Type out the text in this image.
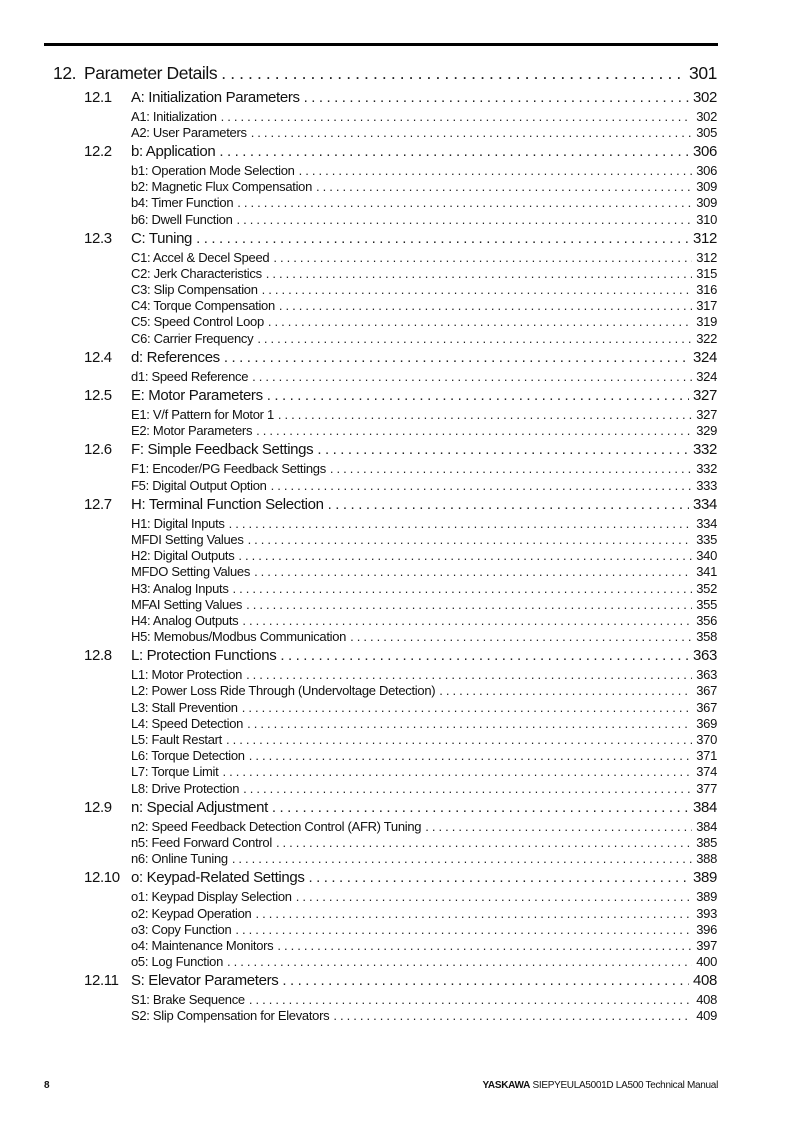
12. Parameter Details . . .	301
12.1	A: Initialization Parameters . . .	302
A1: Initialization . . .	302
A2: User Parameters . . .	305
12.2	b: Application . . .	306
b1: Operation Mode Selection . . .	306
b2: Magnetic Flux Compensation . . .	309
b4: Timer Function . . .	309
b6: Dwell Function . . .	310
12.3	C: Tuning . . .	312
C1: Accel & Decel Speed . . .	312
C2: Jerk Characteristics . . .	315
C3: Slip Compensation . . .	316
C4: Torque Compensation . . .	317
C5: Speed Control Loop . . .	319
C6: Carrier Frequency . . .	322
12.4	d: References . . .	324
d1: Speed Reference . . .	324
12.5	E: Motor Parameters . . .	327
E1: V/f Pattern for Motor 1 . . .	327
E2: Motor Parameters . . .	329
12.6	F: Simple Feedback Settings . . .	332
F1: Encoder/PG Feedback Settings . . .	332
F5: Digital Output Option . . .	333
12.7	H: Terminal Function Selection . . .	334
H1: Digital Inputs . . .	334
MFDI Setting Values . . .	335
H2: Digital Outputs . . .	340
MFDO Setting Values . . .	341
H3: Analog Inputs . . .	352
MFAI Setting Values . . .	355
H4: Analog Outputs . . .	356
H5: Memobus/Modbus Communication . . .	358
12.8	L: Protection Functions . . .	363
L1: Motor Protection . . .	363
L2: Power Loss Ride Through (Undervoltage Detection) . . .	367
L3: Stall Prevention . . .	367
L4: Speed Detection . . .	369
L5: Fault Restart . . .	370
L6: Torque Detection . . .	371
L7: Torque Limit . . .	374
L8: Drive Protection . . .	377
12.9	n: Special Adjustment . . .	384
n2: Speed Feedback Detection Control (AFR) Tuning . . .	384
n5: Feed Forward Control . . .	385
n6: Online Tuning . . .	388
12.10 o: Keypad-Related Settings . . .	389
o1: Keypad Display Selection . . .	389
o2: Keypad Operation . . .	393
o3: Copy Function . . .	396
o4: Maintenance Monitors . . .	397
o5: Log Function . . .	400
12.11 S: Elevator Parameters . . .	408
S1: Brake Sequence . . .	408
S2: Slip Compensation for Elevators . . .	409
8	YASKAWA SIEPYEULA5001D LA500 Technical Manual
